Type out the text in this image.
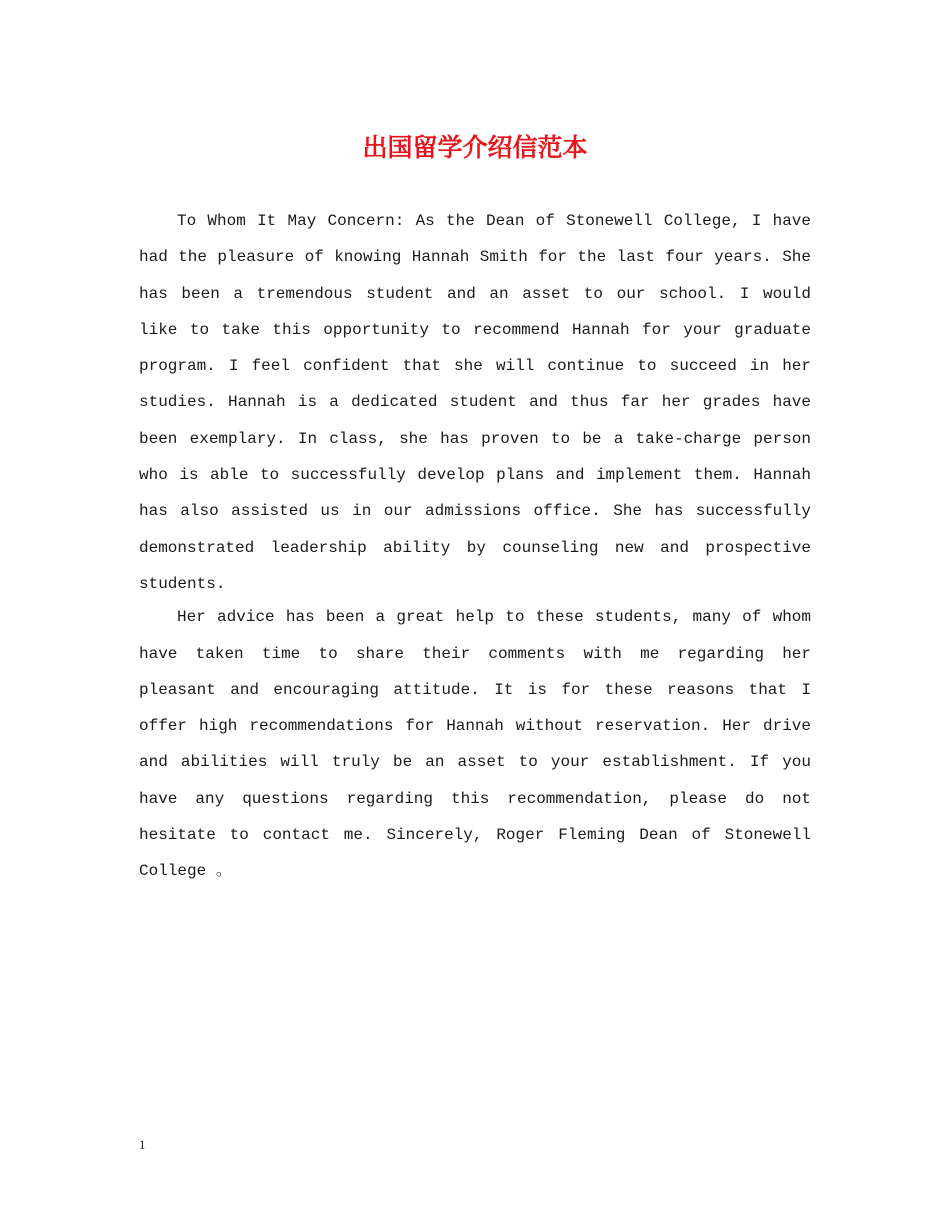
出国留学介绍信范本

To Whom It May Concern: As the Dean of Stonewell College, I have had the pleasure of knowing Hannah Smith for the last four years. She has been a tremendous student and an asset to our school. I would like to take this opportunity to recommend Hannah for your graduate program. I feel confident that she will continue to succeed in her studies. Hannah is a dedicated student and thus far her grades have been exemplary. In class, she has proven to be a take-charge person who is able to successfully develop plans and implement them. Hannah has also assisted us in our admissions office. She has successfully demonstrated leadership ability by counseling new and prospective students.

Her advice has been a great help to these students, many of whom have taken time to share their comments with me regarding her pleasant and encouraging attitude. It is for these reasons that I offer high recommendations for Hannah without reservation. Her drive and abilities will truly be an asset to your establishment. If you have any questions regarding this recommendation, please do not hesitate to contact me. Sincerely, Roger Fleming Dean of Stonewell College 。

1
